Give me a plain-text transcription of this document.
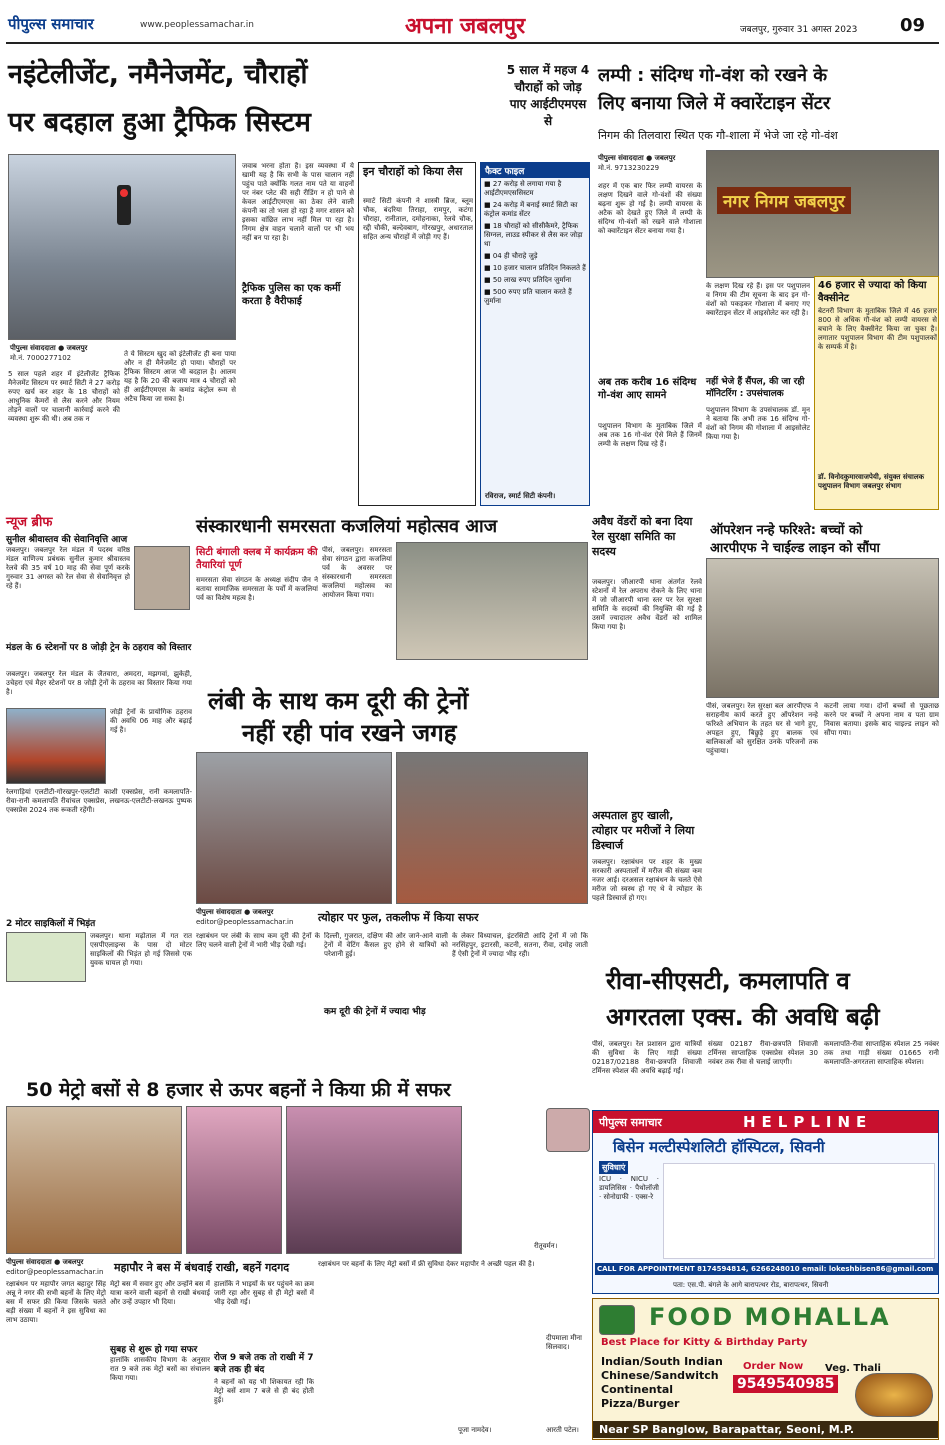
पीपुल्स समाचार	www.peoplessamachar.in	अपना जबलपुर	जबलपुर, गुरुवार 31 अगस्त 2023 09
नइंटेलीजेंट, नमैनेजमेंट, चौराहों
पर बदहाल हुआ ट्रैफिक सिस्टम
5 साल में महज 4 चौराहों को जोड़ पाए आईटीएमएस से
पीपुल्स संवाददाता ● जबलपुर
मो.नं. 7000277102
5 साल पहले शहर में इंटेलीजेंट ट्रैफिक मैनेजमेंट सिस्टम पर स्मार्ट सिटी ने 27 करोड़ रुपए खर्च कर शहर के 18 चौराहों को आधुनिक कैमरों से लैस करने और नियम तोड़ने वालों पर चालानी कार्रवाई करने की व्यवस्था शुरू की थी। अब तक न
ते ये सिस्टम खुद को इंटेलीजेंट ही बना पाया और न ही मैनेजमेंट हो पाया। चौराहों पर ट्रैफिक सिस्टम आज भी बदहाल है। आलम यह है कि 20 की बजाय मात्र 4 चौराहों को ही आईटीएमएस के कमांड कंट्रोल रूम से अटैच किया जा सका है।
जवाब भरना होता है। इस व्यवस्था में ये खामी यह है कि सभी के पास चालान नहीं पहुंच पाते क्योंकि गलत नाम पते या वाहनों पर नंबर प्लेट की सही रीडिंग न हो पाने से केवल आईटीएमएस का ठेका लेने वाली कंपनी का तो भला हो रहा है मगर शासन को इसका वांछित लाभ नहीं मिल पा रहा है। निगम क्षेत्र वाहन चलाने वालों पर भी भय नहीं बन पा रहा है।
ट्रैफिक पुलिस का एक कर्मी करता है वैरीफाई
इन चौराहों को किया लैस
स्मार्ट सिटी कंपनी ने शास्त्री ब्रिज, ब्लूम चौक, बंदरिया तिराहा, रामपुर, कटंगा चौराहा, रानीताल, दमोहनाका, रेलवे चौक, रद्दी चौकी, बल्देवबाग, गोरखपुर, अधारताल सहित अन्य चौराहों में जोड़ी गए हैं।
फैक्ट फाइल
■ 27 करोड़ से लगाया गया है आईटीएमएससिस्टम
■ 24 करोड़ में बनाई स्मार्ट सिटी का कंट्रोल कमांड सेंटर
■ 18 चौराहों को सीसीकैमरे, ट्रैफिक सिग्नल, लाउड स्पीकर से लैस कर जोड़ा था
■ 04 ही चौराहे जुड़े
■ 10 हजार चालान प्रतिदिन निकलते हैं
■ 50 लाख रुपए प्रतिदिन जुर्माना
■ 500 रुपए प्रति चालान करते हैं जुर्माना
रविराज, स्मार्ट सिटी कंपनी।
लम्पी : संदिग्ध गो-वंश को रखने के
लिए बनाया जिले में क्वारेंटाइन सेंटर
निगम की तिलवारा स्थित एक गौ-शाला में भेजे जा रहे गो-वंश
पीपुल्स संवाददाता ● जबलपुर
मो.नं. 9713230229
नगर निगम जबलपुर
शहर में एक बार फिर लम्पी वायरस के लक्षण दिखने वाले गो-वंशों की संख्या बढ़ना शुरू हो गई है। लम्पी वायरस के अटैक को देखते हुए जिले में लम्पी के संदिग्ध गो-वंशों को रखने वाले गोशाला को क्वारेंटाइन सेंटर बनाया गया है।
के लक्षण दिख रहे हैं। इस पर पशुपालन व निगम की टीम सूचना के बाद इन गो-वंशों को पकड़कर गोशाला में बनाए गए क्वारेंटाइन सेंटर में आइसोलेट कर रही है।
46 हजार से ज्यादा को किया वैक्सीनेट
बेटनरी विभाग के मुताबिक जिले में 46 हजार 800 से अधिक गौ-वंश को लम्पी वायरस से बचाने के लिए वैक्सीनेट किया जा चुका है। लगातार पशुपालन विभाग की टीम पशुपालकों के सम्पर्क में है।
डॉ. विनोदकुमारवाजपेयी, संयुक्त संचालक पशुपालन विभाग जबलपुर संभाग
अब तक करीब 16 संदिग्ध गो-वंश आए सामने
पशुपालन विभाग के मुताबिक जिले में अब तक 16 गो-वंश ऐसे मिले हैं जिनमें लम्पी के लक्षण दिख रहे हैं।
नहीं भेजे हैं सैंपल, की जा रही मॉनिटरिंग : उपसंचालक
पशुपालन विभाग के उपसंचालक डॉ. मून ने बताया कि अभी तक 16 संदिग्ध गो-वंशों को निगम की गोशाला में आइसोलेट किया गया है।
न्यूज ब्रीफ
सुनील श्रीवास्तव की सेवानिवृत्ति आज
जबलपुर। जबलपुर रेल मंडल में पदस्थ वरिष्ठ मंडल वाणिज्य प्रबंधक सुनील कुमार श्रीवास्तव रेलवे की 35 वर्ष 10 माह की सेवा पूर्ण करके गुरुवार 31 अगस्त को रेल सेवा से सेवानिवृत्त हो रहे हैं।
मंडल के 6 स्टेशनों पर 8 जोड़ी ट्रेन के ठहराव को विस्तार
जबलपुर। जबलपुर रेल मंडल के जैतवारा, अमदरा, मझगवां, झुकेही, उचेहरा एवं मैहर स्टेशनों पर 8 जोड़ी ट्रेनों के ठहराव का विस्तार किया गया है।
जोड़ी ट्रेनों के प्रायोगिक ठहराव की अवधि 06 माह और बढ़ाई गई है।
रेलगाड़ियां एलटीटी-गोरखपुर-एलटीटी काशी एक्सप्रेस, रानी कमलापति-रीवा-रानी कमलापति रीवांचल एक्सप्रेस, लखनऊ-एलटीटी-लखनऊ पुष्पक एक्सप्रेस 2024 तक रूकती रहेंगी।
2 मोटर साइकिलों में भिड़ंत
जबलपुर। थाना मढ़ोताल में गत रात एसपीएलाइन्स के पास दो मोटर साइकिलों की भिड़ंत हो गई जिससे एक युवक घायल हो गया।
संस्कारधानी समरसता कजलियां महोत्सव आज
सिटी बंगाली क्लब में कार्यक्रम की तैयारियां पूर्ण
समरसता सेवा संगठन के अध्यक्ष संदीप जैन ने बताया सामाजिक समरसता के पर्वों में कजलियां पर्व का विशेष महत्व है।
पीसं, जबलपुर। समरसता सेवा संगठन द्वारा कजलियां पर्व के अवसर पर संस्कारधानी समरसता कजलियां महोत्सव का आयोजन किया गया।
लंबी के साथ कम दूरी की ट्रेनों
नहीं रही पांव रखने जगह
पीपुल्स संवाददाता ● जबलपुर
editor@peoplessamachar.in त्योहार पर फुल, तकलीफ में किया सफर
रक्षाबंधन पर लंबी के साथ कम दूरी की ट्रेनों के लिए चलने वाली ट्रेनों में भारी भीड़ देखी गई।
दिल्ली, गुजरात, दक्षिण की ओर जाने-आने वाली ट्रेनों में वेटिंग कैंसल हुए होने से यात्रियों को परेशानी हुई।
कम दूरी की ट्रेनों में ज्यादा भीड़
के लेकर विध्याचल, इंटरसिटी आदि ट्रेनों में जो कि नरसिंहपुर, इटारसी, कटनी, सतना, रीवा, दमोह जाती हैं ऐसी ट्रेनों में ज्यादा भीड़ रही।
अवैध वेंडरों को बना दिया रेल सुरक्षा समिति का सदस्य
जबलपुर। जीआरपी थाना अंतर्गत रेलवे स्टेशनों में रेल अपराध रोकने के लिए थाना में जो जीआरपी थाना स्तर पर रेल सुरक्षा समिति के सदस्यों की नियुक्ति की गई है उसमें ज्यादातर अवैध वेंडरों को शामिल किया गया है।
अस्पताल हुए खाली, त्योहार पर मरीजों ने लिया डिस्चार्ज
जबलपुर। रक्षाबंधन पर शहर के मुख्य सरकारी अस्पतालों में मरीज की संख्या कम नजर आई। दरअसल रक्षाबंधन के चलते ऐसे मरीज जो स्वस्थ हो गए थे वे त्योहार के पहले डिस्चार्ज हो गए।
ऑपरेशन नन्हे फरिश्ते: बच्चों को
आरपीएफ ने चाईल्ड लाइन को सौंपा
पीसं, जबलपुर। रेल सुरक्षा बल आरपीएफ ने सराहनीय कार्य करते हुए ऑपरेशन नन्हे फरिश्ते अभियान के तहत घर से भागे हुए, अपहृत हुए, बिछुड़े हुए बालक एवं बालिकाओं को सुरक्षित उनके परिजनों तक पहुंचाया।
कटनी लाया गया। दोनों बच्चों से पूछताछ करने पर बच्चों ने अपना नाम व पता ग्राम निवास बताया। इसके बाद चाइल्ड लाइन को सौंपा गया।
रीवा-सीएसटी, कमलापति व
अगरतला एक्स. की अवधि बढ़ी
पीसं, जबलपुर। रेल प्रशासन द्वारा यात्रियों की सुविधा के लिए गाड़ी संख्या 02187/02188 रीवा-छत्रपति शिवाजी टर्मिनस स्पेशल की अवधि बढ़ाई गई।
संख्या 02187 रीवा-छत्रपति शिवाजी टर्मिनस साप्ताहिक एक्सप्रेस स्पेशल 30 नवंबर तक रीवा से चलाई जाएगी।
कमलापति-रीवा साप्ताहिक स्पेशल 25 नवंबर तक तथा गाड़ी संख्या 01665 रानी कमलापति-अगरतला साप्ताहिक स्पेशल।
50 मेट्रो बसों से 8 हजार से ऊपर बहनों ने किया फ्री में सफर
रीतूवर्मन।
पीपुल्स संवाददाता ● जबलपुर
editor@peoplessamachar.in महापौर ने बस में बंधवाई राखी, बहनें गदगद
रक्षाबंधन पर महापौर जगत बहादुर सिंह अन्नू ने नगर की सभी बहनों के लिए मेट्रो बस में सफर फ्री किया जिसके चलते बड़ी संख्या में बहनों ने इस सुविधा का लाभ उठाया।
मेट्रो बस में सवार हुए और उन्होंने बस में यात्रा करने वाली बहनों से राखी बंधवाई और उन्हें उपहार भी दिया।
सुबह से शुरू हो गया सफर
हालांकि शासकीय विभाग के अनुसार रात 9 बजे तक मेट्रो बसों का संचालन किया गया।
हालांकि ने भाइयों के घर पहुंचने का क्रम जारी रहा और सुबह से ही मेट्रो बसों में भीड़ देखी गई।
रोज 9 बजे तक तो राखी में 7 बजे तक ही बंद
ने बहनों को यह भी शिकायत रही कि मेट्रो बसें शाम 7 बजे से ही बंद होती हुई।
रक्षाबंधन पर बहनों के लिए मेट्रो बसों में फ्री सुविधा देकर महापौर ने अच्छी पहल की है।
दीपमाला मीना सिलवाद।
पूजा नामदेव।	आरती पटेल।
पीपुल्स समाचार	HELPLINE
बिसेन मल्टीस्पेशलिटी हॉस्पिटल, सिवनी
सुविधाएं
ICU · NICU · डायलिसिस · पैथोलॉजी · सोनोग्राफी · एक्स-रे
CALL FOR APPOINTMENT 8174594814, 6266248010 email: lokeshbisen86@gmail.com
पता: एस.पी. बंगले के आगे बारापत्थर रोड, बारापत्थर, सिवनी
FOOD MOHALLA
Best Place for Kitty & Birthday Party
Indian/South Indian
Chinese/Sandwitch
Continental
Pizza/Burger
Order Now
9549540985
Veg. Thali
Near SP Banglow, Barapattar, Seoni, M.P.
